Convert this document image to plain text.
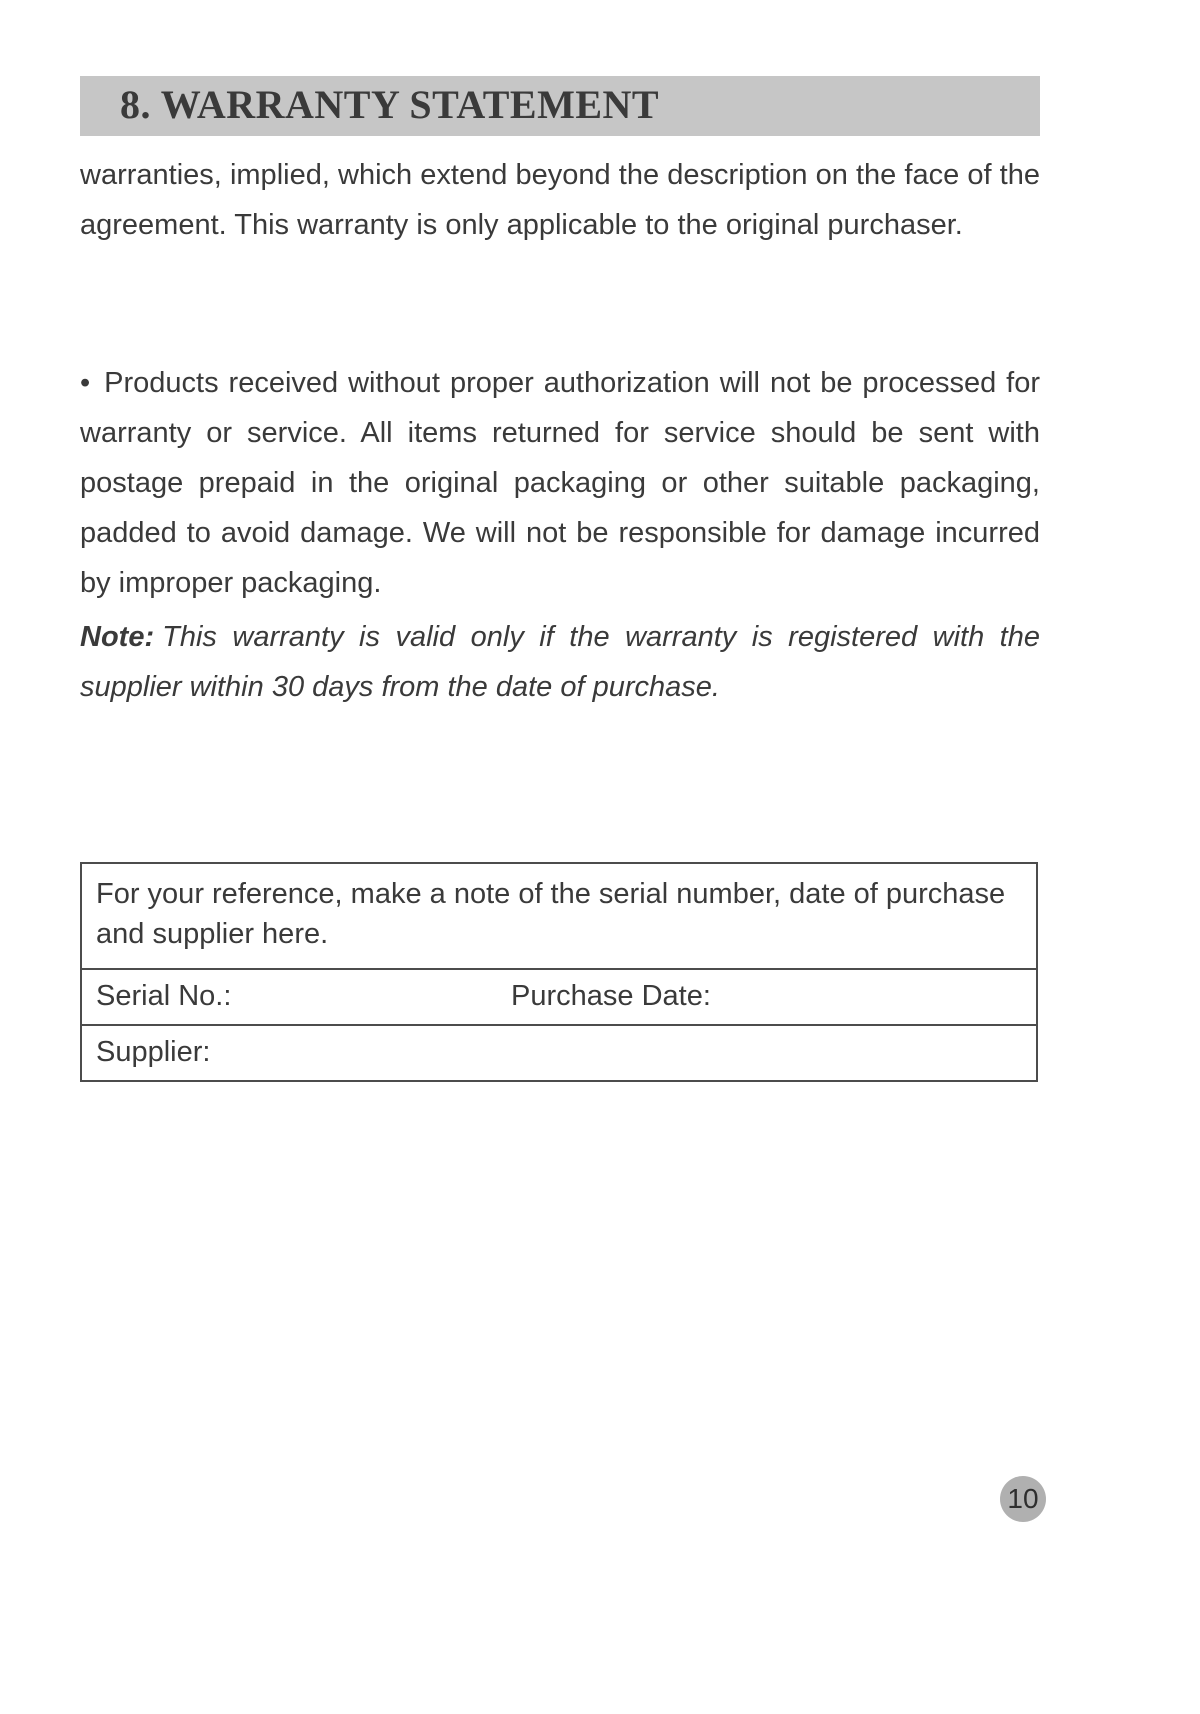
8. WARRANTY STATEMENT

warranties, implied, which extend beyond the description on the face of the agreement. This warranty is only applicable to the original purchaser.

• Products received without proper authorization will not be processed for warranty or service. All items returned for service should be sent with postage prepaid in the original packaging or other suitable packaging, padded to avoid damage. We will not be responsible for damage incurred by improper packaging.

Note: This warranty is valid only if the warranty is registered with the supplier within 30 days from the date of purchase.

For your reference, make a note of the serial number, date of purchase and supplier here.
Serial No.:	Purchase Date:
Supplier:
10
